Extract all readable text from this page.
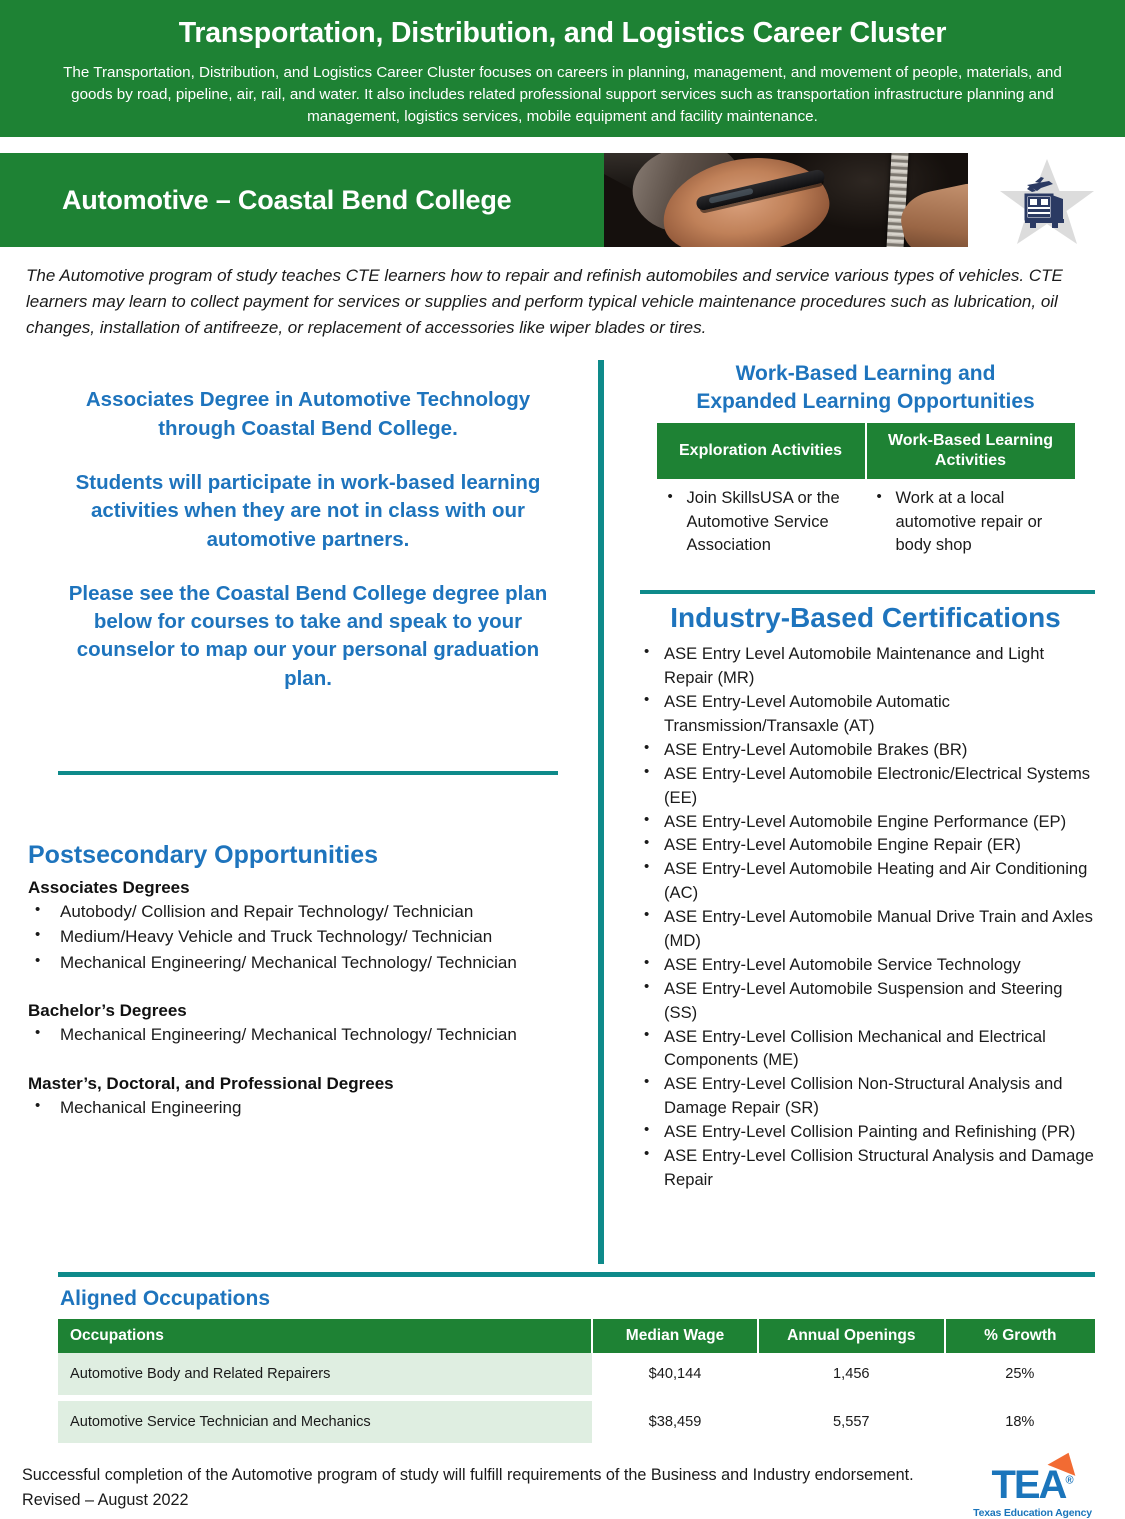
Transportation, Distribution, and Logistics Career Cluster
The Transportation, Distribution, and Logistics Career Cluster focuses on careers in planning, management, and movement of people, materials, and goods by road, pipeline, air, rail, and water. It also includes related professional support services such as transportation infrastructure planning and management, logistics services, mobile equipment and facility maintenance.
Automotive – Coastal Bend College
The Automotive program of study teaches CTE learners how to repair and refinish automobiles and service various types of vehicles. CTE learners may learn to collect payment for services or supplies and perform typical vehicle maintenance procedures such as lubrication, oil changes, installation of antifreeze, or replacement of accessories like wiper blades or tires.
Associates Degree in Automotive Technology through Coastal Bend College.
Students will participate in work-based learning activities when they are not in class with our automotive partners.
Please see the Coastal Bend College degree plan below for courses to take and speak to your counselor to map our your personal graduation plan.
Postsecondary Opportunities
Associates Degrees
• Autobody/ Collision and Repair Technology/ Technician
• Medium/Heavy Vehicle and Truck Technology/ Technician
• Mechanical Engineering/ Mechanical Technology/ Technician
Bachelor’s Degrees
• Mechanical Engineering/ Mechanical Technology/ Technician
Master’s, Doctoral, and Professional Degrees
• Mechanical Engineering
Work-Based Learning and
Expanded Learning Opportunities
Exploration Activities	Work-Based Learning Activities

• Join SkillsUSA or the Automotive Service Association

• Work at a local automotive repair or body shop
Industry-Based Certifications
• ASE Entry Level Automobile Maintenance and Light Repair (MR)
• ASE Entry-Level Automobile Automatic Transmission/Transaxle (AT)
• ASE Entry-Level Automobile Brakes (BR)
• ASE Entry-Level Automobile Electronic/Electrical Systems (EE)
• ASE Entry-Level Automobile Engine Performance (EP)
• ASE Entry-Level Automobile Engine Repair (ER)
• ASE Entry-Level Automobile Heating and Air Conditioning (AC)
• ASE Entry-Level Automobile Manual Drive Train and Axles (MD)
• ASE Entry-Level Automobile Service Technology
• ASE Entry-Level Automobile Suspension and Steering (SS)
• ASE Entry-Level Collision Mechanical and Electrical Components (ME)
• ASE Entry-Level Collision Non-Structural Analysis and Damage Repair (SR)
• ASE Entry-Level Collision Painting and Refinishing (PR)
• ASE Entry-Level Collision Structural Analysis and Damage Repair
Aligned Occupations
Occupations	Median Wage	Annual Openings	% Growth
Automotive Body and Related Repairers	$40,144	1,456	25%
Automotive Service Technician and Mechanics	$38,459	5,557	18%
Successful completion of the Automotive program of study will fulfill requirements of the Business and Industry endorsement. Revised – August 2022	TEA®
Texas Education Agency
